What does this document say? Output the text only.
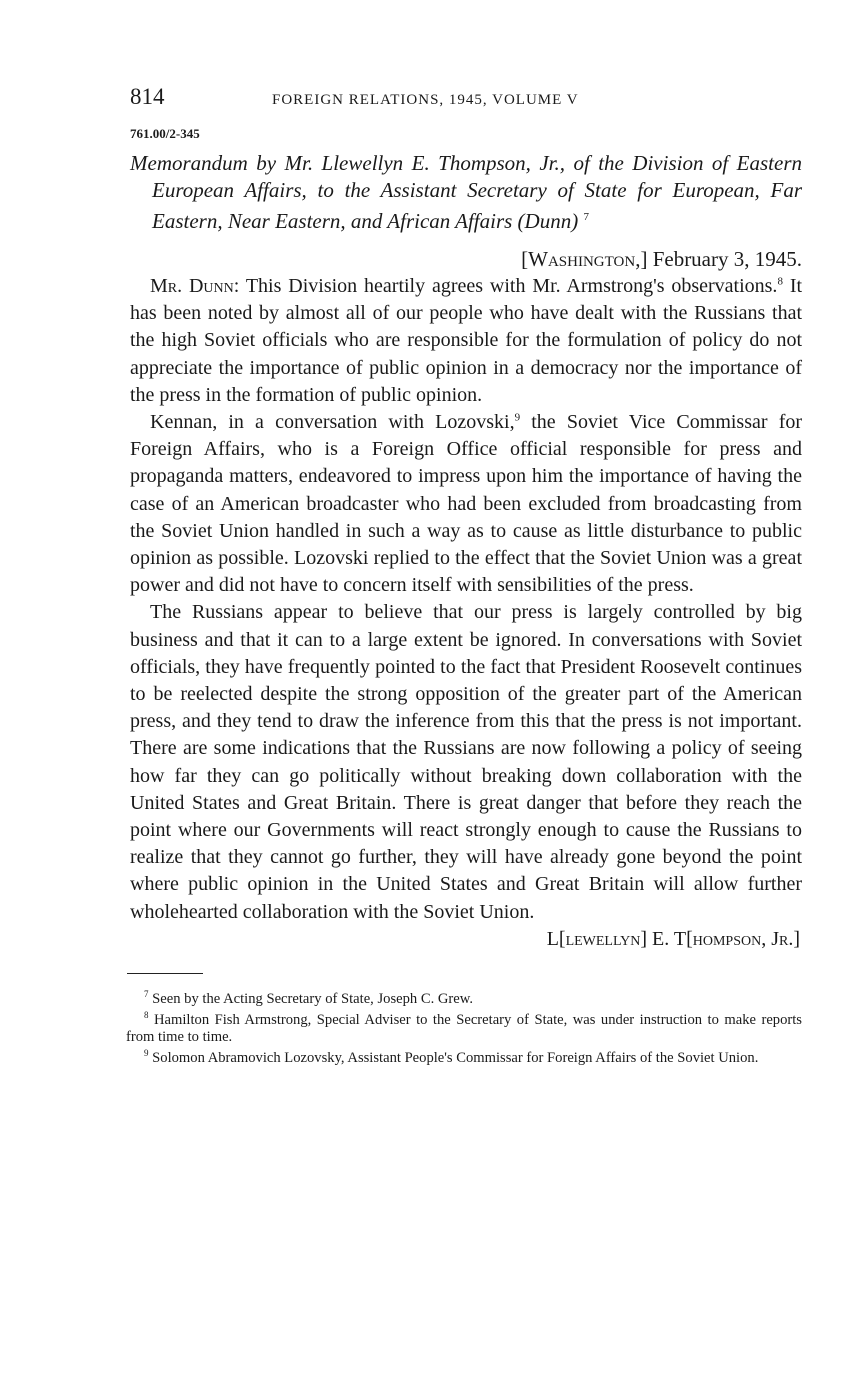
814	FOREIGN RELATIONS, 1945, VOLUME V
761.00/2-345
Memorandum by Mr. Llewellyn E. Thompson, Jr., of the Division of Eastern European Affairs, to the Assistant Secretary of State for European, Far Eastern, Near Eastern, and African Affairs (Dunn) $^7$
[Washington,] February 3, 1945.

Mr. Dunn: This Division heartily agrees with Mr. Armstrong's observations.$^8$ It has been noted by almost all of our people who have dealt with the Russians that the high Soviet officials who are responsible for the formulation of policy do not appreciate the importance of public opinion in a democracy nor the importance of the press in the formation of public opinion.

Kennan, in a conversation with Lozovski,$^9$ the Soviet Vice Commissar for Foreign Affairs, who is a Foreign Office official responsible for press and propaganda matters, endeavored to impress upon him the importance of having the case of an American broadcaster who had been excluded from broadcasting from the Soviet Union handled in such a way as to cause as little disturbance to public opinion as possible. Lozovski replied to the effect that the Soviet Union was a great power and did not have to concern itself with sensibilities of the press.

The Russians appear to believe that our press is largely controlled by big business and that it can to a large extent be ignored. In conversations with Soviet officials, they have frequently pointed to the fact that President Roosevelt continues to be reelected despite the strong opposition of the greater part of the American press, and they tend to draw the inference from this that the press is not important. There are some indications that the Russians are now following a policy of seeing how far they can go politically without breaking down collaboration with the United States and Great Britain. There is great danger that before they reach the point where our Governments will react strongly enough to cause the Russians to realize that they cannot go further, they will have already gone beyond the point where public opinion in the United States and Great Britain will allow further wholehearted collaboration with the Soviet Union.

L[lewellyn] E. T[hompson, Jr.]

$^7$ Seen by the Acting Secretary of State, Joseph C. Grew.

$^8$ Hamilton Fish Armstrong, Special Adviser to the Secretary of State, was under instruction to make reports from time to time.

$^9$ Solomon Abramovich Lozovsky, Assistant People's Commissar for Foreign Affairs of the Soviet Union.
